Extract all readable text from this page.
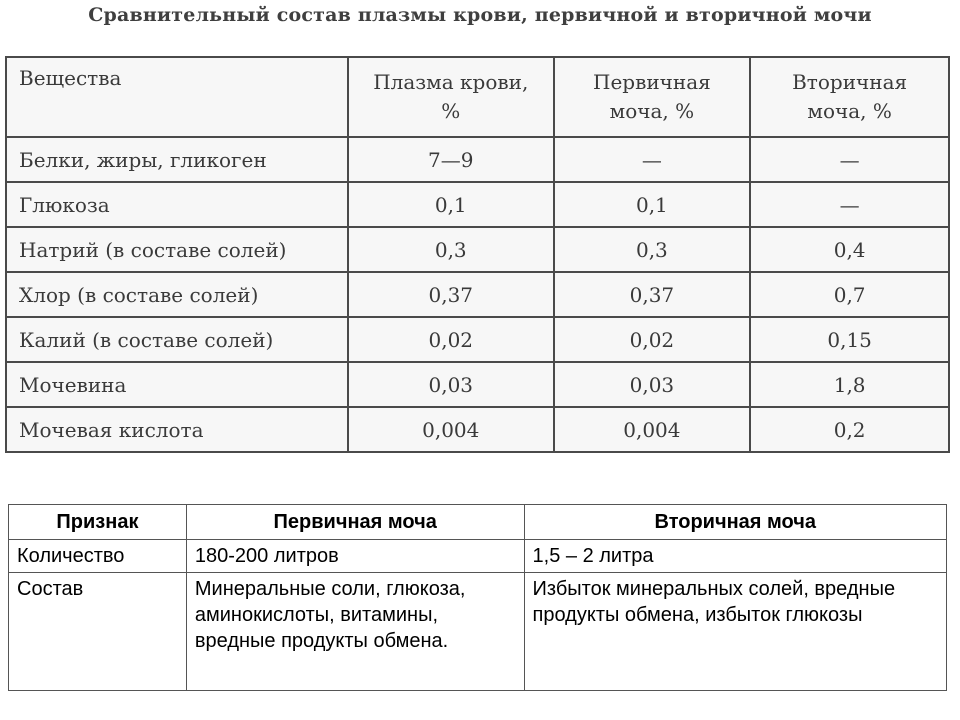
Сравнительный состав плазмы крови, первичной и вторичной мочи
Вещества	Плазма крови, %	Первичная моча, %	Вторичная моча, %
Белки, жиры, гликоген	7—9	—	—
Глюкоза	0,1	0,1	—
Натрий (в составе солей)	0,3	0,3	0,4
Хлор (в составе солей)	0,37	0,37	0,7
Калий (в составе солей)	0,02	0,02	0,15
Мочевина	0,03	0,03	1,8
Мочевая кислота	0,004	0,004	0,2
Признак	Первичная моча	Вторичная моча
Количество	180-200 литров	1,5 – 2 литра
Состав	Минеральные соли, глюкоза, аминокислоты, витамины, вредные продукты обмена.	Избыток минеральных солей, вредные продукты обмена, избыток глюкозы
